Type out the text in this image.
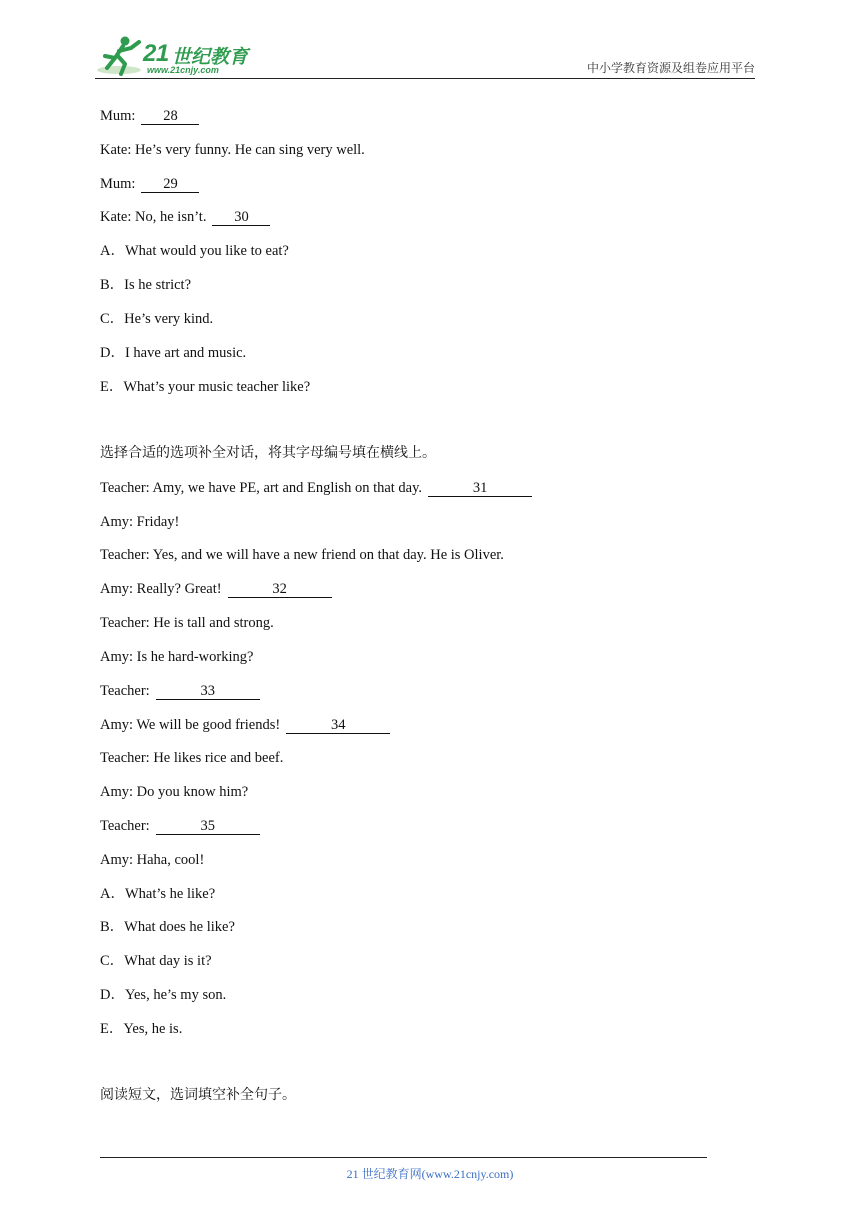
21 世纪教育
www.21cnjy.com	中小学教育资源及组卷应用平台
Mum: 28
Kate: He’s very funny. He can sing very well.
Mum: 29
Kate: No, he isn’t. 30
A．What would you like to eat?
B．Is he strict?
C．He’s very kind.
D．I have art and music.
E．What’s your music teacher like?
选择合适的选项补全对话，将其字母编号填在横线上。
Teacher: Amy, we have PE, art and English on that day.	31
Amy: Friday!
Teacher: Yes, and we will have a new friend on that day. He is Oliver.
Amy: Really? Great!	32
Teacher: He is tall and strong.
Amy: Is he hard-working?
Teacher:	33
Amy: We will be good friends!	34
Teacher: He likes rice and beef.
Amy: Do you know him?
Teacher:	35
Amy: Haha, cool!
A．What’s he like?
B．What does he like?
C．What day is it?
D．Yes, he’s my son.
E．Yes, he is.
阅读短文，选词填空补全句子。
21 世纪教育网(www.21cnjy.com)
